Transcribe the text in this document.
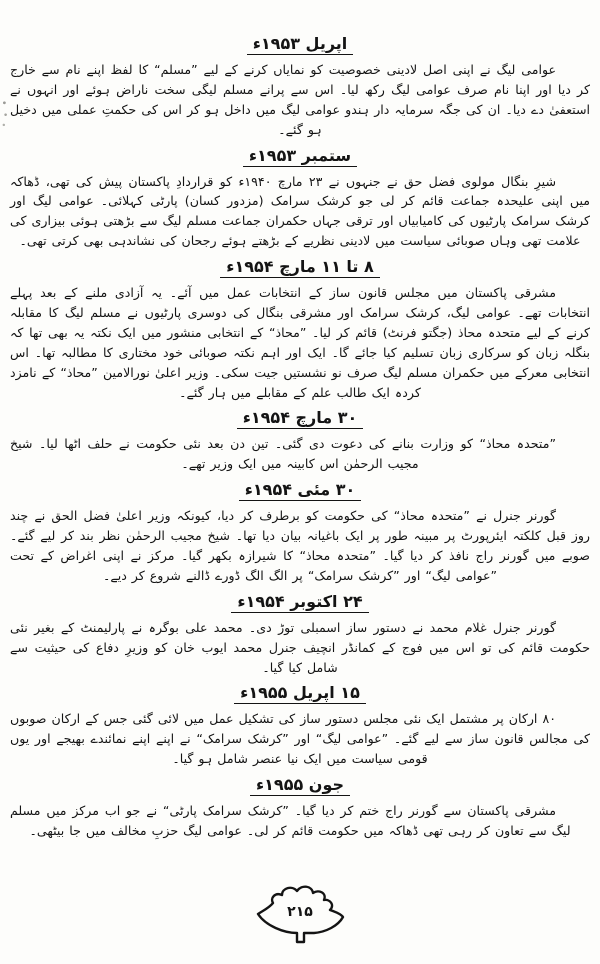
اپریل ۱۹۵۳ء

عوامی لیگ نے اپنی اصل لادینی خصوصیت کو نمایاں کرنے کے لیے ”مسلم“ کا لفظ اپنے نام سے خارج کر دیا اور اپنا نام صرف عوامی لیگ رکھ لیا۔ اس سے پرانے مسلم لیگی سخت ناراض ہوئے اور انہوں نے استعفیٰ دے دیا۔ ان کی جگہ سرمایہ دار ہندو عوامی لیگ میں داخل ہو کر اس کی حکمتِ عملی میں دخیل ہو گئے۔

ستمبر ۱۹۵۳ء

شیرِ بنگال مولوی فضل حق نے جنہوں نے ۲۳ مارچ ۱۹۴۰ء کو قراردادِ پاکستان پیش کی تھی، ڈھاکہ میں اپنی علیحدہ جماعت قائم کر لی جو کرشک سرامک (مزدور کسان) پارٹی کہلائی۔ عوامی لیگ اور کرشک سرامک پارٹیوں کی کامیابیاں اور ترقی جہاں حکمران جماعت مسلم لیگ سے بڑھتی ہوئی بیزاری کی علامت تھی وہاں صوبائی سیاست میں لادینی نظریے کے بڑھتے ہوئے رجحان کی نشاندہی بھی کرتی تھی۔

۸ تا ۱۱ مارچ ۱۹۵۴ء

مشرقی پاکستان میں مجلس قانون ساز کے انتخابات عمل میں آئے۔ یہ آزادی ملنے کے بعد پہلے انتخابات تھے۔ عوامی لیگ، کرشک سرامک اور مشرقی بنگال کی دوسری پارٹیوں نے مسلم لیگ کا مقابلہ کرنے کے لیے متحدہ محاذ (جگتو فرنٹ) قائم کر لیا۔ ”محاذ“ کے انتخابی منشور میں ایک نکتہ یہ بھی تھا کہ بنگلہ زبان کو سرکاری زبان تسلیم کیا جائے گا۔ ایک اور اہم نکتہ صوبائی خود مختاری کا مطالبہ تھا۔ اس انتخابی معرکے میں حکمران مسلم لیگ صرف نو نشستیں جیت سکی۔ وزیر اعلیٰ نورالامین ”محاذ“ کے نامزد کردہ ایک طالب علم کے مقابلے میں ہار گئے۔

۳۰ مارچ ۱۹۵۴ء

”متحدہ محاذ“ کو وزارت بنانے کی دعوت دی گئی۔ تین دن بعد نئی حکومت نے حلف اٹھا لیا۔ شیخ مجیب الرحمٰن اس کابینہ میں ایک وزیر تھے۔

۳۰ مئی ۱۹۵۴ء

گورنر جنرل نے ”متحدہ محاذ“ کی حکومت کو برطرف کر دیا، کیونکہ وزیر اعلیٰ فضل الحق نے چند روز قبل کلکتہ ایئرپورٹ پر مبینہ طور پر ایک باغیانہ بیان دیا تھا۔ شیخ مجیب الرحمٰن نظر بند کر لیے گئے۔ صوبے میں گورنر راج نافذ کر دیا گیا۔ ”متحدہ محاذ“ کا شیرازہ بکھر گیا۔ مرکز نے اپنی اغراض کے تحت ”عوامی لیگ“ اور ”کرشک سرامک“ پر الگ الگ ڈورے ڈالنے شروع کر دیے۔

۲۴ اکتوبر ۱۹۵۴ء

گورنر جنرل غلام محمد نے دستور ساز اسمبلی توڑ دی۔ محمد علی بوگرہ نے پارلیمنٹ کے بغیر نئی حکومت قائم کی تو اس میں فوج کے کمانڈر انچیف جنرل محمد ایوب خان کو وزیرِ دفاع کی حیثیت سے شامل کیا گیا۔

۱۵ اپریل ۱۹۵۵ء

۸۰ ارکان پر مشتمل ایک نئی مجلس دستور ساز کی تشکیل عمل میں لائی گئی جس کے ارکان صوبوں کی مجالس قانون ساز سے لیے گئے۔ ”عوامی لیگ“ اور ”کرشک سرامک“ نے اپنے اپنے نمائندے بھیجے اور یوں قومی سیاست میں ایک نیا عنصر شامل ہو گیا۔

جون ۱۹۵۵ء

مشرقی پاکستان سے گورنر راج ختم کر دیا گیا۔ ”کرشک سرامک پارٹی“ نے جو اب مرکز میں مسلم لیگ سے تعاون کر رہی تھی ڈھاکہ میں حکومت قائم کر لی۔ عوامی لیگ حزبِ مخالف میں جا بیٹھی۔

۲۱۵
